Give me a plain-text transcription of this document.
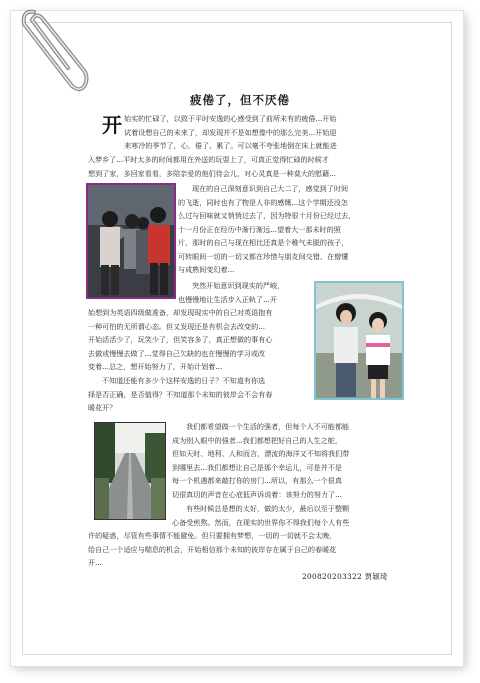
疲倦了，但不厌倦
开 始实的忙碌了，以致于平时安逸的心感受到了前所未有的疲倦...开始
试着设想自己的未来了，却发现并不是如想像中的那么完美...开始迎
来寒冷的季节了，心，倦了、累了。可以毫不夸张地倒在床上就能进
入梦乡了...平时太多的时间都用在外送的玩耍上了，可真正觉得忙碌的时候才
想到了家，多回家看看，多陪亲爱的他们待会儿，对心灵真是一种莫大的慰藉...
现在的自己深刻意识到自己大二了，感觉到了时间
的飞逝，同时也有了物是人非的感慨...这个学期还没怎
么过与回味就又悄悄过去了，因为特很十月份已经过去，
十一月份正在经历中渐行渐远...望着大一那未时的照
片，那时的自己与现在相比还真是个稚气未脱的孩子，
可转眼间一切的一切又都在珍惜与朋友间交错、在僧懂
与成熟间变幻着...
突然开始意识到现实的严峻，
也慢慢地让生活步入正轨了...开
始想到为英语四级做准备，却发现现实中的自己对英语抱有
一种可怕的无所谓心态。但又发现还是有机会去改变的...
开始活活少了，玩笑少了，但笑容多了，真正想做的事有心
去做或慢慢去做了...觉得自己欠缺的也在慢慢的学习或改
变着...总之，想开始努力了，开始计划着...
不知道还能有多少个这样安逸的日子？不知道有你选
择是否正确，是否值得？不知道那个未知的彼岸会不会有春
暖花开？
我们都希望做一个生活的强者，但每个人不可能都能
成为别人眼中的强者...我们都想把好自己的人生之舵，
但如天时、地利、人和而言，漂流的海洋又不知将我们带
到哪里去...我们都想让自己是那个幸运儿，可是并不是
每一个机遇都来敲打你的房门...所以，有那么一个很真
切很真切的声音在心底低声诉说着：该努力的努力了...
有些时候总是想的太好，做的太少，最后以至于整颗
心备受煎熬。然而，在现实的世界你不得我们每个人有些
许的疑惑，尽管有些事情不能避免。但只要拥有梦想，一切的一切就不会太晚，
给自己一个适应与喘息的机会，开始相信那个未知的彼岸存在属于自己的春暖花
开...
200820203322 贾颖琦
